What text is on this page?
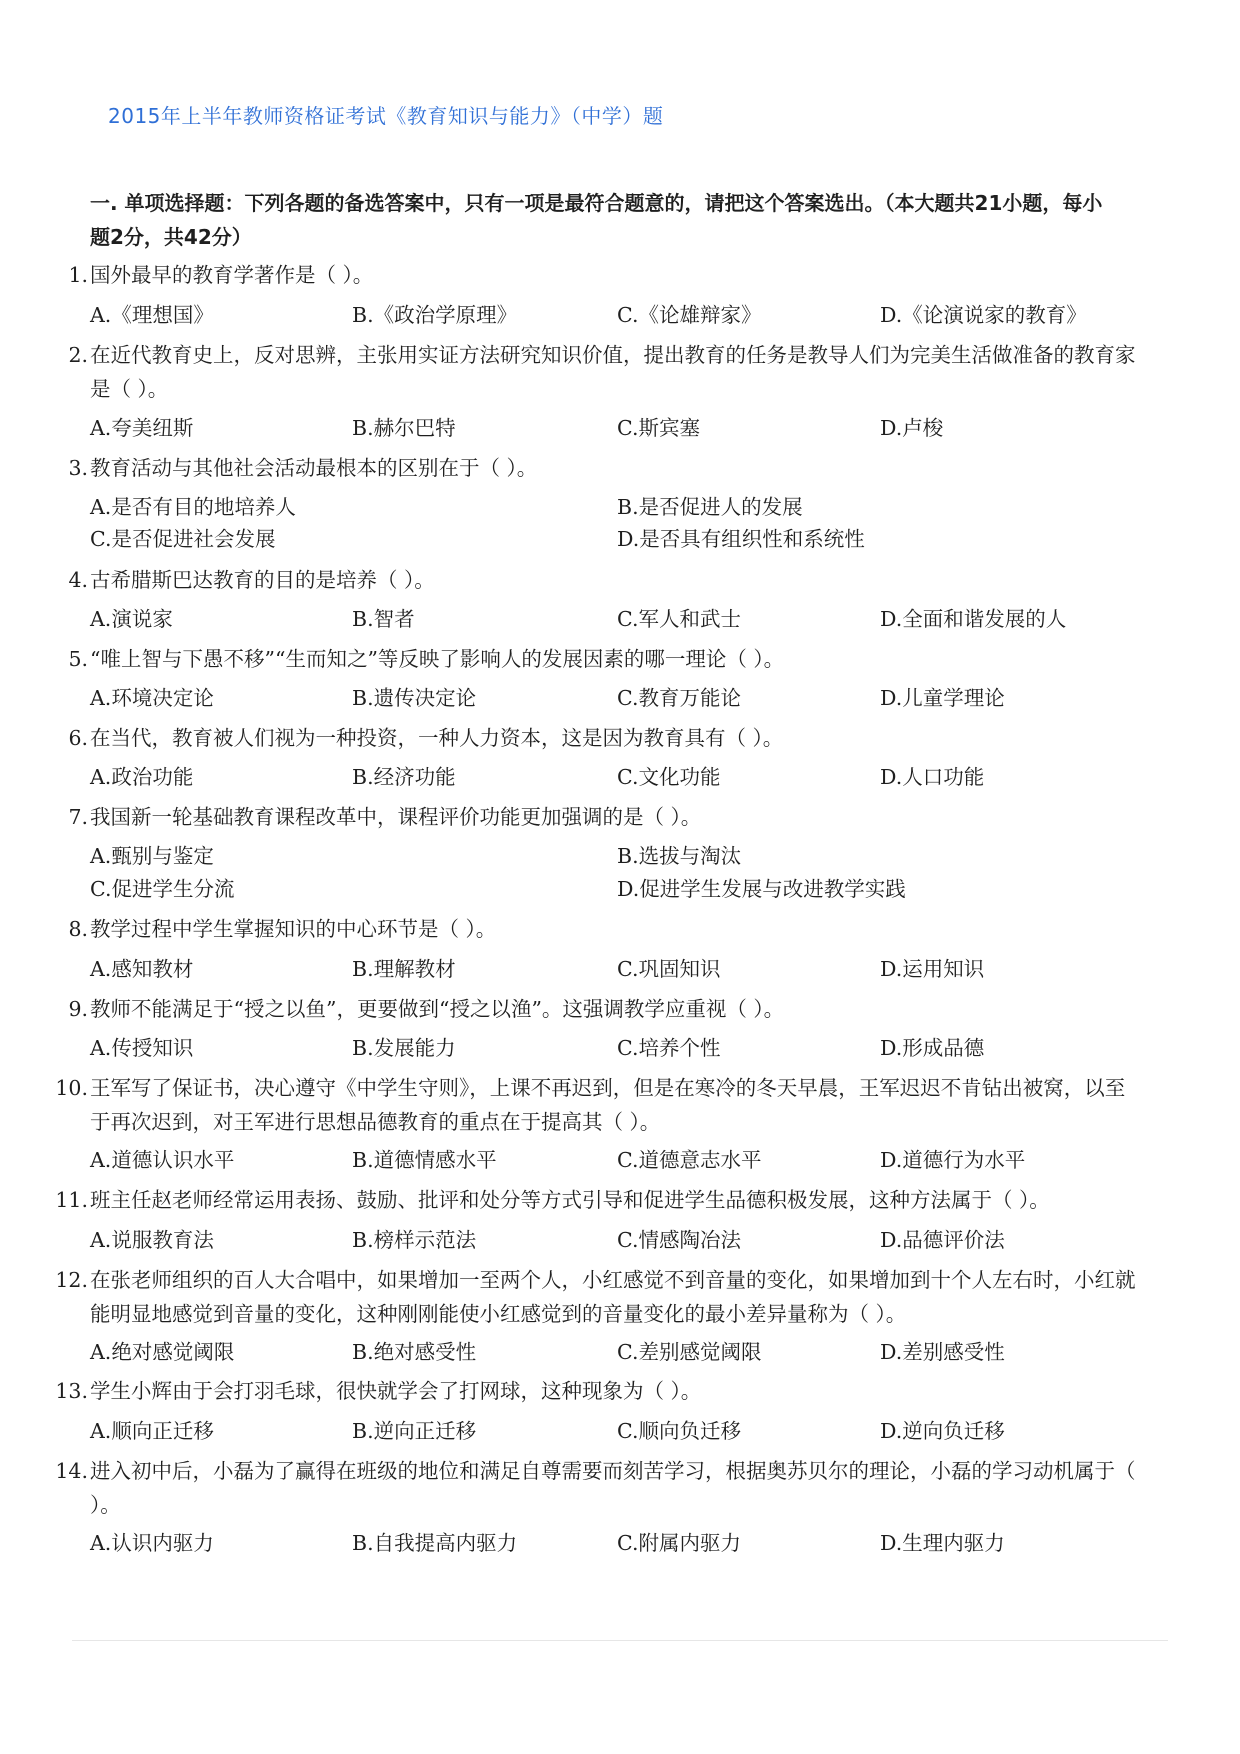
2015年上半年教师资格证考试《教育知识与能力》（中学）题
一. 单项选择题：下列各题的备选答案中，只有一项是最符合题意的，请把这个答案选出。（本大题共21小题，每小题2分，共42分）
1. 国外最早的教育学著作是（ ）。
A.《理想国》	B.《政治学原理》	C.《论雄辩家》	D.《论演说家的教育》
2. 在近代教育史上，反对思辨，主张用实证方法研究知识价值，提出教育的任务是教导人们为完美生活做准备的教育家是（ ）。
A.夸美纽斯	B.赫尔巴特	C.斯宾塞	D.卢梭
3. 教育活动与其他社会活动最根本的区别在于（ ）。
A.是否有目的地培养人	B.是否促进人的发展
C.是否促进社会发展	D.是否具有组织性和系统性
4. 古希腊斯巴达教育的目的是培养（ ）。
A.演说家	B.智者	C.军人和武士	D.全面和谐发展的人
5. “唯上智与下愚不移”“生而知之”等反映了影响人的发展因素的哪一理论（ ）。
A.环境决定论	B.遗传决定论	C.教育万能论	D.儿童学理论
6. 在当代，教育被人们视为一种投资，一种人力资本，这是因为教育具有（ ）。
A.政治功能	B.经济功能	C.文化功能	D.人口功能
7. 我国新一轮基础教育课程改革中，课程评价功能更加强调的是（ ）。
A.甄别与鉴定	B.选拔与淘汰
C.促进学生分流	D.促进学生发展与改进教学实践
8. 教学过程中学生掌握知识的中心环节是（ ）。
A.感知教材	B.理解教材	C.巩固知识	D.运用知识
9. 教师不能满足于“授之以鱼”，更要做到“授之以渔”。这强调教学应重视（ ）。
A.传授知识	B.发展能力	C.培养个性	D.形成品德
10. 王军写了保证书，决心遵守《中学生守则》，上课不再迟到，但是在寒冷的冬天早晨，王军迟迟不肯钻出被窝，以至于再次迟到，对王军进行思想品德教育的重点在于提高其（ ）。
A.道德认识水平	B.道德情感水平	C.道德意志水平	D.道德行为水平
11. 班主任赵老师经常运用表扬、鼓励、批评和处分等方式引导和促进学生品德积极发展，这种方法属于（ ）。
A.说服教育法	B.榜样示范法	C.情感陶冶法	D.品德评价法
12. 在张老师组织的百人大合唱中，如果增加一至两个人，小红感觉不到音量的变化，如果增加到十个人左右时，小红就能明显地感觉到音量的变化，这种刚刚能使小红感觉到的音量变化的最小差异量称为（ ）。
A.绝对感觉阈限	B.绝对感受性	C.差别感觉阈限	D.差别感受性
13. 学生小辉由于会打羽毛球，很快就学会了打网球，这种现象为（ ）。
A.顺向正迁移	B.逆向正迁移	C.顺向负迁移	D.逆向负迁移
14. 进入初中后，小磊为了赢得在班级的地位和满足自尊需要而刻苦学习，根据奥苏贝尔的理论，小磊的学习动机属于（ ）。
A.认识内驱力	B.自我提高内驱力	C.附属内驱力	D.生理内驱力
